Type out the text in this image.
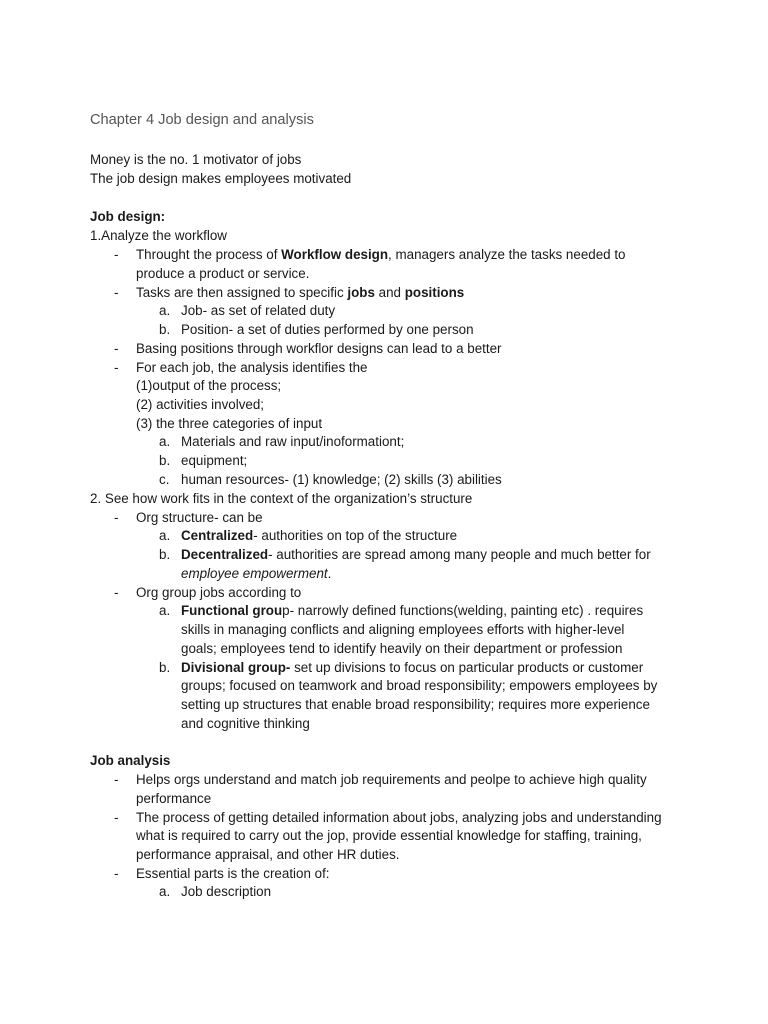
Chapter 4 Job design and analysis
Money is the no. 1 motivator of jobs
The job design makes employees motivated
Job design:
1.Analyze the workflow
- Throught the process of Workflow design, managers analyze the tasks needed to
produce a product or service.
- Tasks are then assigned to specific jobs and positions
a. Job- as set of related duty
b. Position- a set of duties performed by one person
- Basing positions through workflor designs can lead to a better
- For each job, the analysis identifies the
(1)output of the process;
(2) activities involved;
(3) the three categories of input
a. Materials and raw input/inoformationt;
b. equipment;
c. human resources- (1) knowledge; (2) skills (3) abilities
2. See how work fits in the context of the organization’s structure
- Org structure- can be
a. Centralized- authorities on top of the structure
b. Decentralized- authorities are spread among many people and much better for
employee empowerment.
- Org group jobs according to
a. Functional group- narrowly defined functions(welding, painting etc) . requires
skills in managing conflicts and aligning employees efforts with higher-level
goals; employees tend to identify heavily on their department or profession
b. Divisional group- set up divisions to focus on particular products or customer
groups; focused on teamwork and broad responsibility; empowers employees by
setting up structures that enable broad responsibility; requires more experience
and cognitive thinking
Job analysis
- Helps orgs understand and match job requirements and peolpe to achieve high quality
performance
- The process of getting detailed information about jobs, analyzing jobs and understanding
what is required to carry out the jop, provide essential knowledge for staffing, training,
performance appraisal, and other HR duties.
- Essential parts is the creation of:
a. Job description
